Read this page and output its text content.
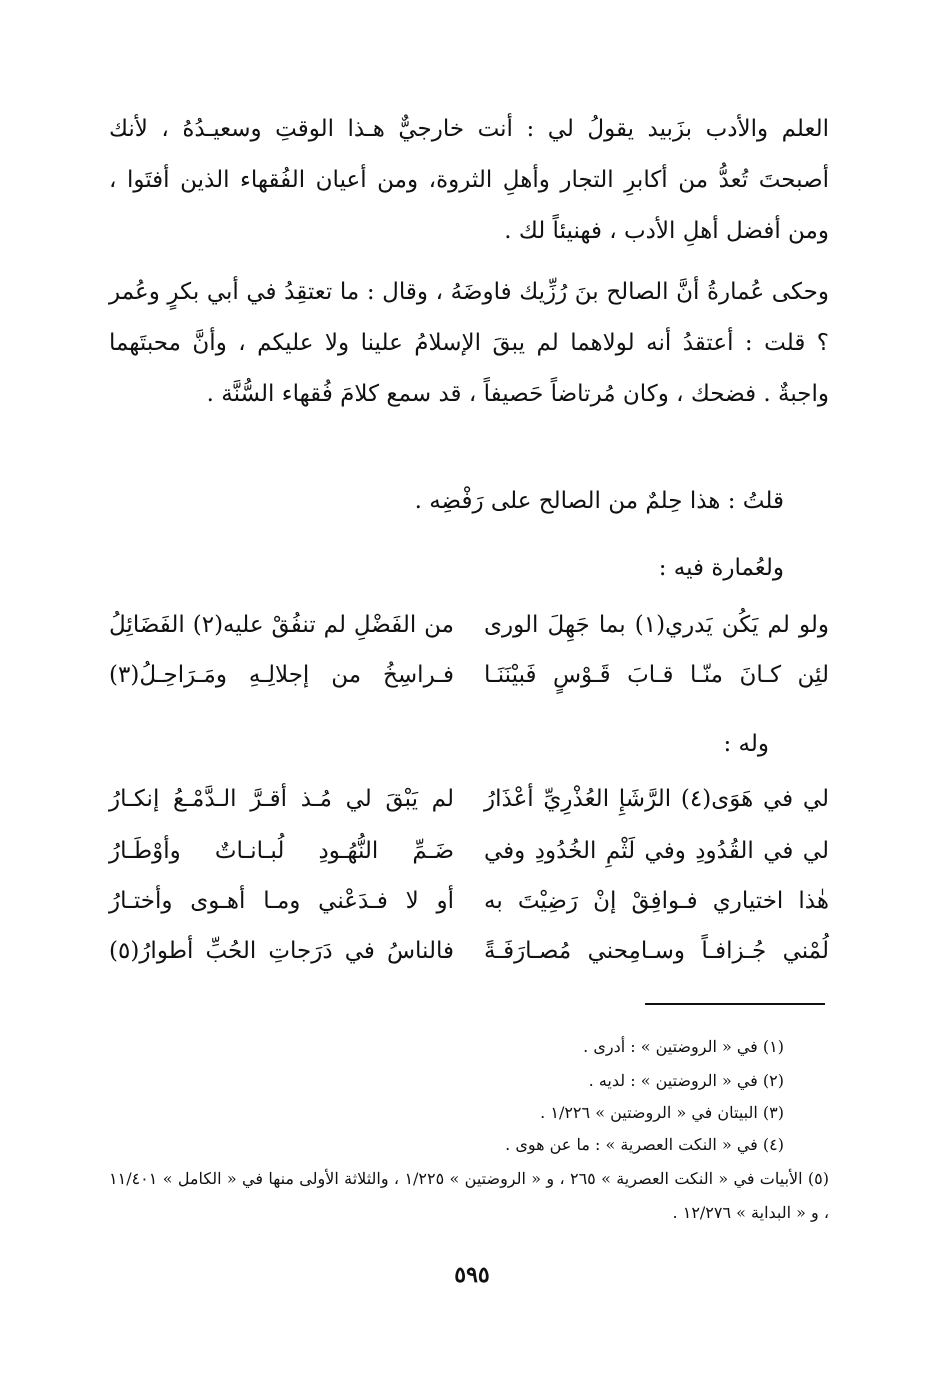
العلم والأدب بزَبيد يقولُ لي : أنت خارجيٌّ هـذا الوقتِ وسعيـدُهُ ، لأنك أصبحتَ تُعدُّ من أكابرِ التجار وأهلِ الثروة، ومن أعيان الفُقهاء الذين أفتَوا ، ومن أفضل أهلِ الأدب ، فهنيئاً لك .
وحكى عُمارةُ أنَّ الصالح بنَ رُزِّيك فاوضَهُ ، وقال : ما تعتقِدُ في أبي بكرٍ وعُمر ؟ قلت : أعتقدُ أنه لولاهما لم يبقَ الإسلامُ علينا ولا عليكم ، وأنَّ محبتَهما واجبةٌ . فضحك ، وكان مُرتاضاً حَصيفاً ، قد سمع كلامَ فُقهاء السُّنَّة .
قلتُ : هذا حِلمٌ من الصالح على رَفْضِه .
ولعُمارة فيه :
ولو لم يَكُن يَدري(١) بما جَهِلَ الورى
من الفَضْلِ لم تنفُقْ عليه(٢) الفَضَائِلُ
لئِن كـانَ منّـا قـابَ قَـوْسٍ فَبيْنَنَـا
فـراسِخُ من إجلالِـهِ ومَـرَاحِـلُ(٣)
وله :
لي في هَوَى(٤) الرَّشَإِ العُذْرِيِّ أعْذَارُ
لم يَبْقَ لي مُـذ أقـرَّ الـدَّمْـعُ إنكـارُ
لي في القُدُودِ وفي لَثْمِ الخُدُودِ وفي
ضَـمِّ النُّهُـودِ لُبـانـاتٌ وأوْطَـارُ
هٰذا اختياري فـوافِقْ إنْ رَضِيْتَ به
أو لا فـدَعْني ومـا أهـوى وأختـارُ
لُمْني جُـزافـاً وسـامِحني مُصـارَفَـةً
فالناسُ في دَرَجاتِ الحُبِّ أطوارُ(٥)
(١) في « الروضتين » : أدرى .
(٢) في « الروضتين » : لديه .
(٣) البيتان في « الروضتين » ١/٢٢٦ .
(٤) في « النكت العصرية » : ما عن هوى .
(٥) الأبيات في « النكت العصرية » ٢٦٥ ، و « الروضتين » ١/٢٢٥ ، والثلاثة الأولى منها في « الكامل » ١١/٤٠١ ، و « البداية » ١٢/٢٧٦ .
٥٩٥
